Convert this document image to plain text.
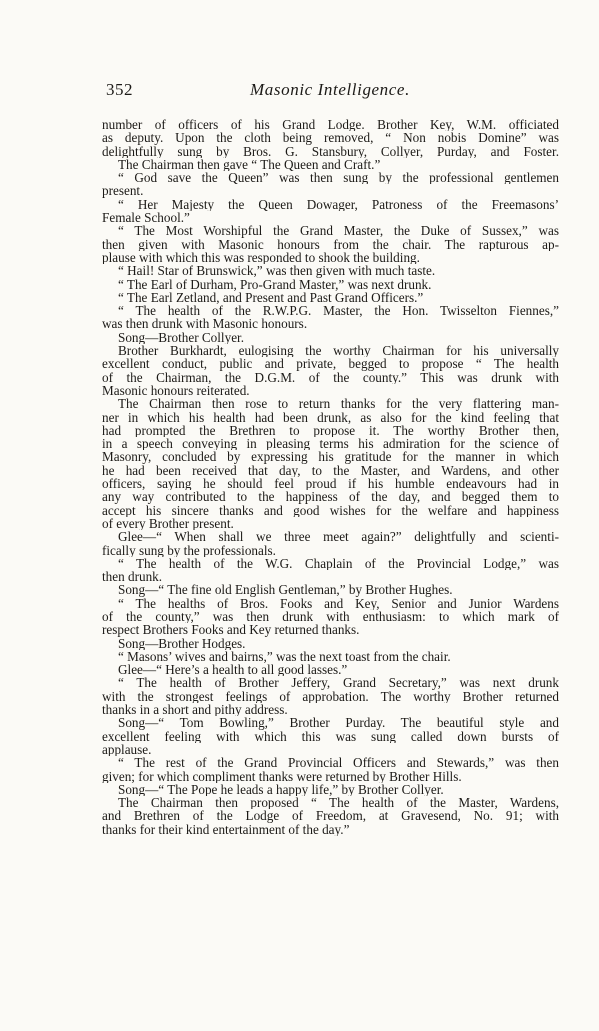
352	Masonic Intelligence.
number of officers of his Grand Lodge. Brother Key, W.M. officiated
as deputy. Upon the cloth being removed, “ Non nobis Domine” was
delightfully sung by Bros. G. Stansbury, Collyer, Purday, and Foster.
The Chairman then gave “ The Queen and Craft.”
“ God save the Queen” was then sung by the professional gentlemen
present.
“ Her Majesty the Queen Dowager, Patroness of the Freemasons’
Female School.”
“ The Most Worshipful the Grand Master, the Duke of Sussex,” was
then given with Masonic honours from the chair. The rapturous ap-
plause with which this was responded to shook the building.
“ Hail! Star of Brunswick,” was then given with much taste.
“ The Earl of Durham, Pro-Grand Master,” was next drunk.
“ The Earl Zetland, and Present and Past Grand Officers.”
“ The health of the R.W.P.G. Master, the Hon. Twisselton Fiennes,”
was then drunk with Masonic honours.
Song—Brother Collyer.
Brother Burkhardt, eulogising the worthy Chairman for his universally
excellent conduct, public and private, begged to propose “ The health
of the Chairman, the D.G.M. of the county.” This was drunk with
Masonic honours reiterated.
The Chairman then rose to return thanks for the very flattering man-
ner in which his health had been drunk, as also for the kind feeling that
had prompted the Brethren to propose it. The worthy Brother then,
in a speech conveying in pleasing terms his admiration for the science of
Masonry, concluded by expressing his gratitude for the manner in which
he had been received that day, to the Master, and Wardens, and other
officers, saying he should feel proud if his humble endeavours had in
any way contributed to the happiness of the day, and begged them to
accept his sincere thanks and good wishes for the welfare and happiness
of every Brother present.
Glee—“ When shall we three meet again?” delightfully and scienti-
fically sung by the professionals.
“ The health of the W.G. Chaplain of the Provincial Lodge,” was
then drunk.
Song—“ The fine old English Gentleman,” by Brother Hughes.
“ The healths of Bros. Fooks and Key, Senior and Junior Wardens
of the county,” was then drunk with enthusiasm: to which mark of
respect Brothers Fooks and Key returned thanks.
Song—Brother Hodges.
“ Masons’ wives and bairns,” was the next toast from the chair.
Glee—“ Here’s a health to all good lasses.”
“ The health of Brother Jeffery, Grand Secretary,” was next drunk
with the strongest feelings of approbation. The worthy Brother returned
thanks in a short and pithy address.
Song—“ Tom Bowling,” Brother Purday. The beautiful style and
excellent feeling with which this was sung called down bursts of
applause.
“ The rest of the Grand Provincial Officers and Stewards,” was then
given; for which compliment thanks were returned by Brother Hills.
Song—“ The Pope he leads a happy life,” by Brother Collyer.
The Chairman then proposed “ The health of the Master, Wardens,
and Brethren of the Lodge of Freedom, at Gravesend, No. 91; with
thanks for their kind entertainment of the day.”
